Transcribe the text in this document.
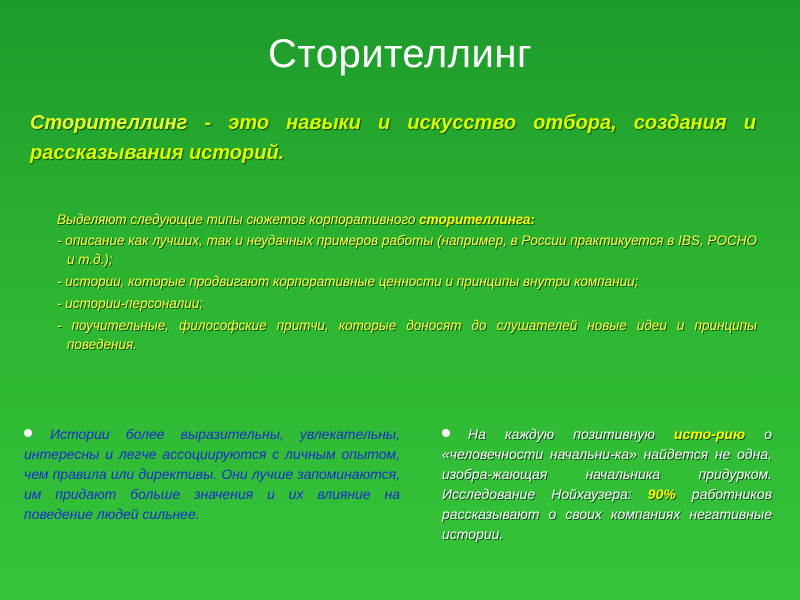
Сторителлинг
Сторителлинг - это навыки и искусство отбора, создания и рассказывания историй.
Выделяют следующие типы сюжетов корпоративного сторителлинга:
- описание как лучших, так и неудачных примеров работы (например, в России практикуется в IBS, РОСНО и т.д.);
- истории, которые продвигают корпоративные ценности и принципы внутри компании;
- истории-персоналии;
- поучительные, философские притчи, которые доносят до слушателей новые идеи и принципы поведения.
Истории более выразительны, увлекательны, интересны и легче ассоциируются с личным опытом, чем правила или директивы. Они лучше запоминаются, им придают больше значения и их влияние на поведение людей сильнее.
На каждую позитивную исто-рию о «человечности начальни-ка» найдется не одна, изобра-жающая начальника придурком. Исследование Нойхаузера: 90% работников рассказывают о своих компаниях негативные истории.
